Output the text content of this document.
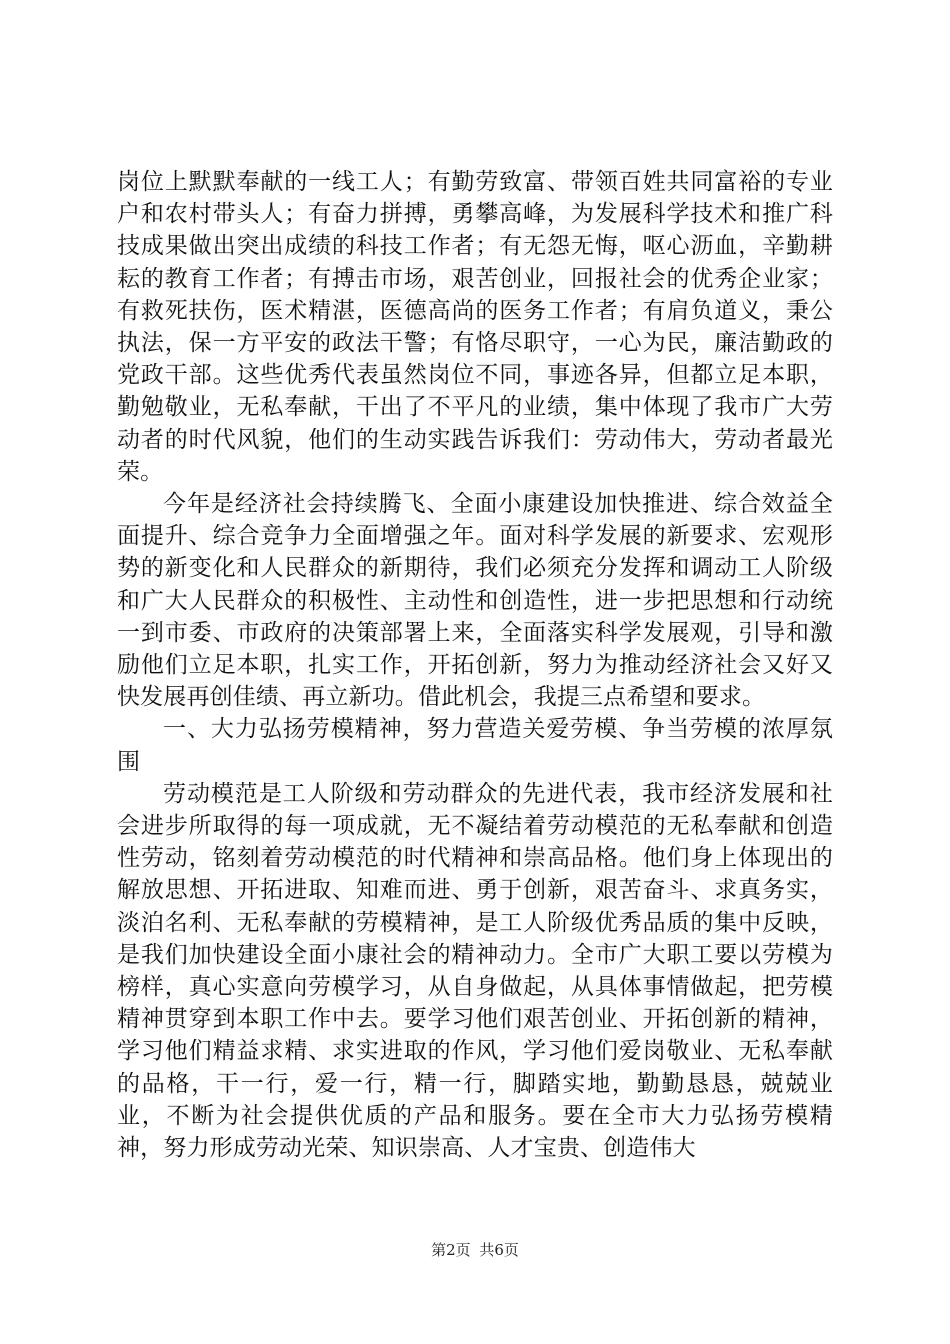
岗位上默默奉献的一线工人；有勤劳致富、带领百姓共同富裕的专业户和农村带头人；有奋力拼搏，勇攀高峰，为发展科学技术和推广科技成果做出突出成绩的科技工作者；有无怨无悔，呕心沥血，辛勤耕耘的教育工作者；有搏击市场，艰苦创业，回报社会的优秀企业家；有救死扶伤，医术精湛，医德高尚的医务工作者；有肩负道义，秉公执法，保一方平安的政法干警；有恪尽职守，一心为民，廉洁勤政的党政干部。这些优秀代表虽然岗位不同，事迹各异，但都立足本职，勤勉敬业，无私奉献，干出了不平凡的业绩，集中体现了我市广大劳动者的时代风貌，他们的生动实践告诉我们：劳动伟大，劳动者最光荣。

今年是经济社会持续腾飞、全面小康建设加快推进、综合效益全面提升、综合竞争力全面增强之年。面对科学发展的新要求、宏观形势的新变化和人民群众的新期待，我们必须充分发挥和调动工人阶级和广大人民群众的积极性、主动性和创造性，进一步把思想和行动统一到市委、市政府的决策部署上来，全面落实科学发展观，引导和激励他们立足本职，扎实工作，开拓创新，努力为推动经济社会又好又快发展再创佳绩、再立新功。借此机会，我提三点希望和要求。

一、大力弘扬劳模精神，努力营造关爱劳模、争当劳模的浓厚氛围

劳动模范是工人阶级和劳动群众的先进代表，我市经济发展和社会进步所取得的每一项成就，无不凝结着劳动模范的无私奉献和创造性劳动，铭刻着劳动模范的时代精神和崇高品格。他们身上体现出的解放思想、开拓进取、知难而进、勇于创新，艰苦奋斗、求真务实，淡泊名利、无私奉献的劳模精神，是工人阶级优秀品质的集中反映，是我们加快建设全面小康社会的精神动力。全市广大职工要以劳模为榜样，真心实意向劳模学习，从自身做起，从具体事情做起，把劳模精神贯穿到本职工作中去。要学习他们艰苦创业、开拓创新的精神，学习他们精益求精、求实进取的作风，学习他们爱岗敬业、无私奉献的品格，干一行，爱一行，精一行，脚踏实地，勤勤恳恳，兢兢业业，不断为社会提供优质的产品和服务。要在全市大力弘扬劳模精神，努力形成劳动光荣、知识崇高、人才宝贵、创造伟大

第2页 共6页
